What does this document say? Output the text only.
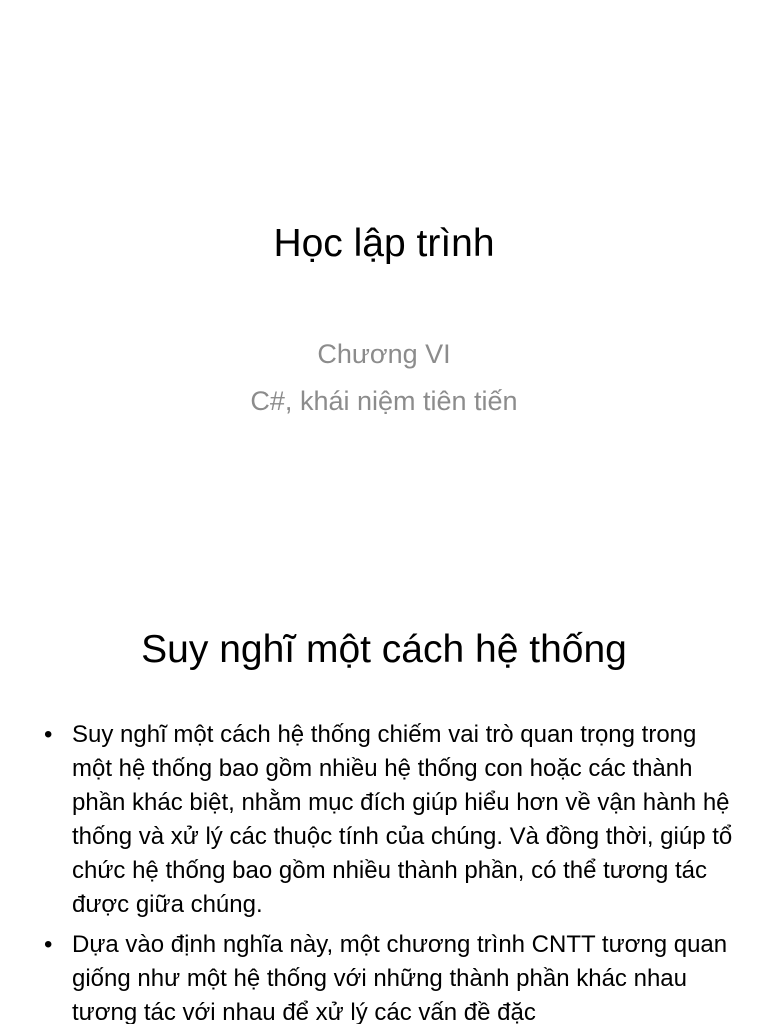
Học lập trình

Chương VI

C#, khái niệm tiên tiến

Suy nghĩ một cách hệ thống
• Suy nghĩ một cách hệ thống chiếm vai trò quan trọng trong một hệ thống bao gồm nhiều hệ thống con hoặc các thành phần khác biệt, nhằm mục đích giúp hiểu hơn về vận hành hệ thống và xử lý các thuộc tính của chúng. Và đồng thời, giúp tổ chức hệ thống bao gồm nhiều thành phần, có thể tương tác được giữa chúng.
• Dựa vào định nghĩa này, một chương trình CNTT tương quan giống như một hệ thống với những thành phần khác nhau tương tác với nhau để xử lý các vấn đề đặc
